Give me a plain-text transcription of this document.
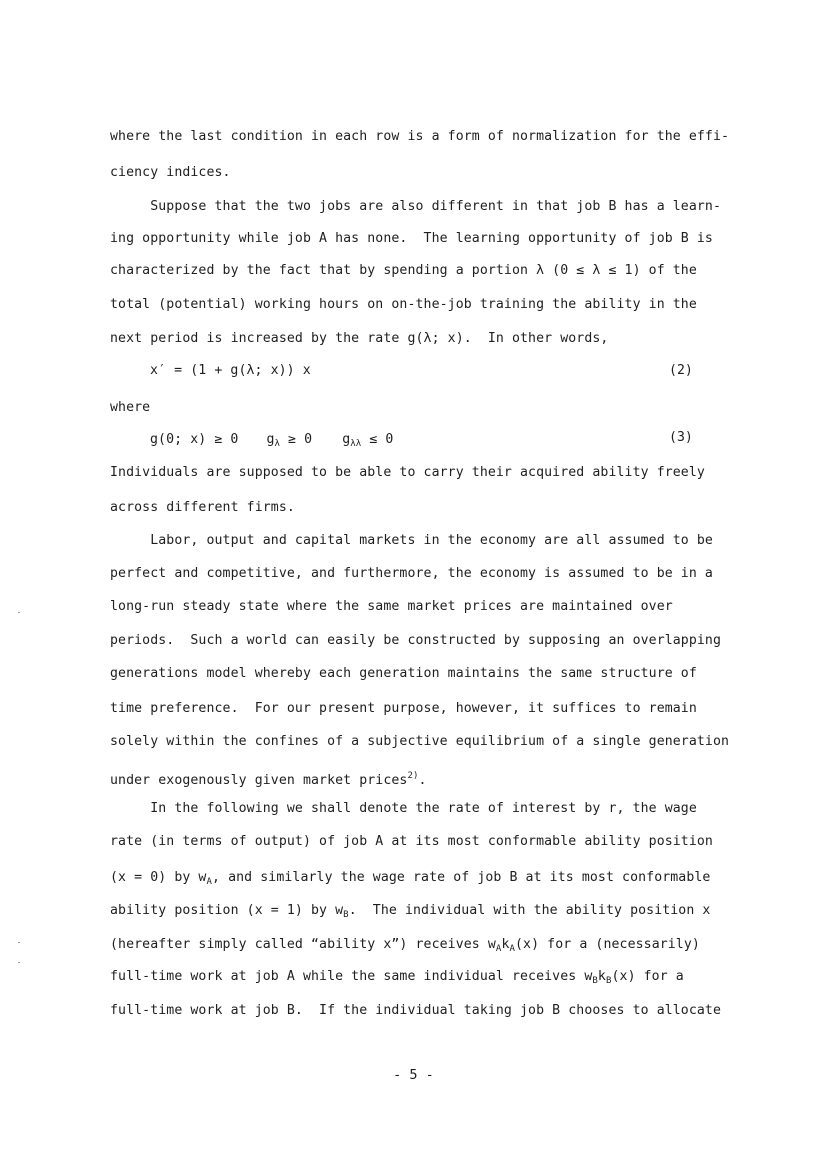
where the last condition in each row is a form of normalization for the effi-
ciency indices.
Suppose that the two jobs are also different in that job B has a learn-
ing opportunity while job A has none.  The learning opportunity of job B is
characterized by the fact that by spending a portion λ (0 ≤ λ ≤ 1) of the
total (potential) working hours on on-the-job training the ability in the
next period is increased by the rate g(λ; x).  In other words,
x′ = (1 + g(λ; x)) x	(2)
where
g(0; x) ≥ 0 $g_\lambda \ge 0$ $g_{\lambda\lambda} \le 0$	(3)
Individuals are supposed to be able to carry their acquired ability freely
across different firms.
Labor, output and capital markets in the economy are all assumed to be
perfect and competitive, and furthermore, the economy is assumed to be in a
long-run steady state where the same market prices are maintained over
periods.  Such a world can easily be constructed by supposing an overlapping
generations model whereby each generation maintains the same structure of
time preference.  For our present purpose, however, it suffices to remain
solely within the confines of a subjective equilibrium of a single generation
under exogenously given market prices$^{2)}$.
In the following we shall denote the rate of interest by r, the wage
rate (in terms of output) of job A at its most conformable ability position
(x = 0) by $w_A$, and similarly the wage rate of job B at its most conformable
ability position (x = 1) by $w_B$.  The individual with the ability position x
(hereafter simply called “ability x”) receives $w_Ak_A(x)$ for a (necessarily)
full-time work at job A while the same individual receives $w_Bk_B(x)$ for a
full-time work at job B.  If the individual taking job B chooses to allocate
- 5 -
